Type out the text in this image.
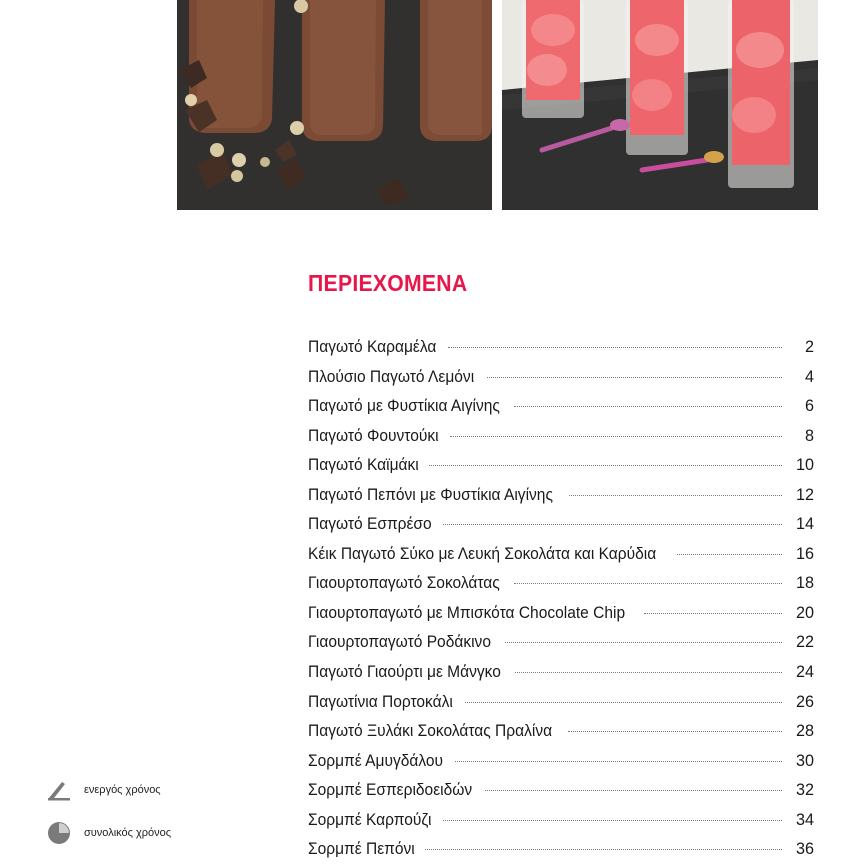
ΠΕΡΙΕΧΟΜΕΝΑ
Παγωτό Καραμέλα	2
Πλούσιο Παγωτό Λεμόνι	4
Παγωτό με Φυστίκια Αιγίνης	6
Παγωτό Φουντούκι	8
Παγωτό Καϊμάκι	10
Παγωτό Πεπόνι με Φυστίκια Αιγίνης	12
Παγωτό Εσπρέσο	14
Κέικ Παγωτό Σύκο με Λευκή Σοκολάτα και Καρύδια	16
Γιαουρτοπαγωτό Σοκολάτας	18
Γιαουρτοπαγωτό με Μπισκότα Chocolate Chip	20
Γιαουρτοπαγωτό Ροδάκινο	22
Παγωτό Γιαούρτι με Μάνγκο	24
Παγωτίνια Πορτοκάλι	26
Παγωτό Ξυλάκι Σοκολάτας Πραλίνα	28
Σορμπέ Αμυγδάλου	30
Σορμπέ Εσπεριδοειδών	32
Σορμπέ Καρπούζι	34
Σορμπέ Πεπόνι	36
ενεργός χρόνος
συνολικός χρόνος
